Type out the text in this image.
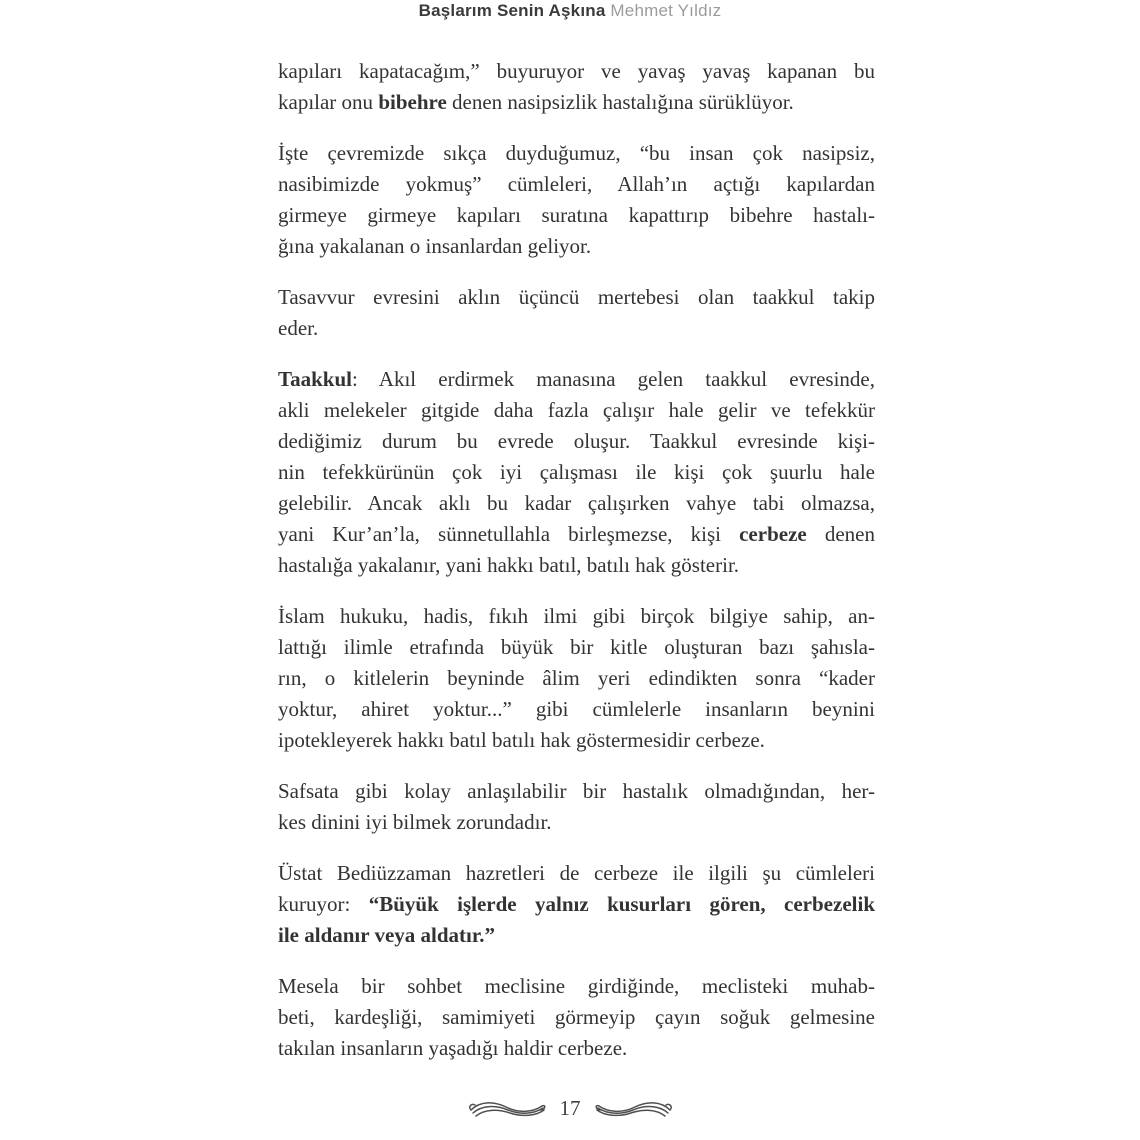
Başlarım Senin Aşkına Mehmet Yıldız
kapıları kapatacağım,” buyuruyor ve yavaş yavaş kapanan bu
kapılar onu bibehre denen nasipsizlik hastalığına sürüklüyor.
İşte çevremizde sıkça duyduğumuz, “bu insan çok nasipsiz,
nasibimizde yokmuş” cümleleri, Allah’ın açtığı kapılardan
girmeye girmeye kapıları suratına kapattırıp bibehre hastalı-
ğına yakalanan o insanlardan geliyor.
Tasavvur evresini aklın üçüncü mertebesi olan taakkul takip
eder.
Taakkul: Akıl erdirmek manasına gelen taakkul evresinde,
akli melekeler gitgide daha fazla çalışır hale gelir ve tefekkür
dediğimiz durum bu evrede oluşur. Taakkul evresinde kişi-
nin tefekkürünün çok iyi çalışması ile kişi çok şuurlu hale
gelebilir. Ancak aklı bu kadar çalışırken vahye tabi olmazsa,
yani Kur’an’la, sünnetullahla birleşmezse, kişi cerbeze denen
hastalığa yakalanır, yani hakkı batıl, batılı hak gösterir.
İslam hukuku, hadis, fıkıh ilmi gibi birçok bilgiye sahip, an-
lattığı ilimle etrafında büyük bir kitle oluşturan bazı şahısla-
rın, o kitlelerin beyninde âlim yeri edindikten sonra “kader
yoktur, ahiret yoktur...” gibi cümlelerle insanların beynini
ipotekleyerek hakkı batıl batılı hak göstermesidir cerbeze.
Safsata gibi kolay anlaşılabilir bir hastalık olmadığından, her-
kes dinini iyi bilmek zorundadır.
Üstat Bediüzzaman hazretleri de cerbeze ile ilgili şu cümleleri
kuruyor: “Büyük işlerde yalnız kusurları gören, cerbezelik
ile aldanır veya aldatır.”
Mesela bir sohbet meclisine girdiğinde, meclisteki muhab-
beti, kardeşliği, samimiyeti görmeyip çayın soğuk gelmesine
takılan insanların yaşadığı haldir cerbeze.
17
